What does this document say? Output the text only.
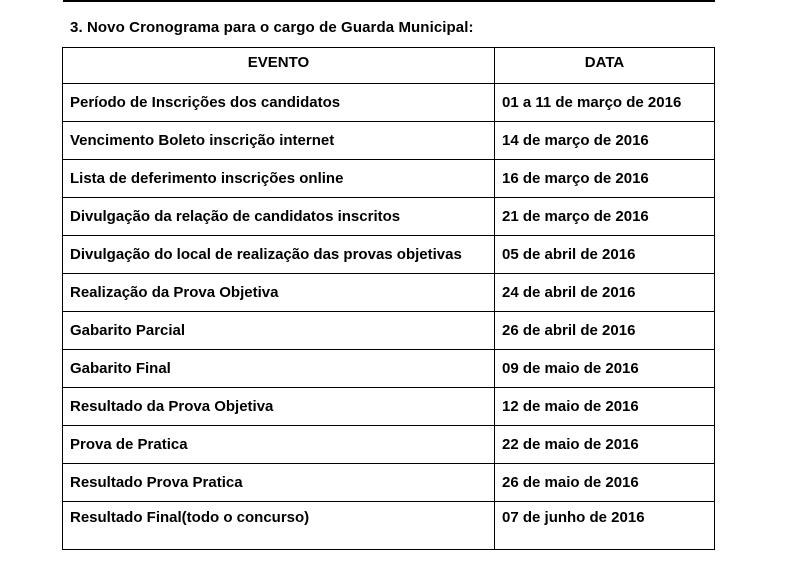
3. Novo Cronograma para o cargo de Guarda Municipal:
EVENTO	DATA
Período de Inscrições dos candidatos	01 a 11 de março de 2016
Vencimento Boleto inscrição internet	14 de março de 2016
Lista de deferimento inscrições online	16 de março de 2016
Divulgação da relação de candidatos inscritos	21 de março de 2016
Divulgação do local de realização das provas objetivas	05 de abril de 2016
Realização da Prova Objetiva	24 de abril de 2016
Gabarito Parcial	26 de abril de 2016
Gabarito Final	09 de maio de 2016
Resultado da Prova Objetiva	12 de maio de 2016
Prova de Pratica	22 de maio de 2016
Resultado Prova Pratica	26 de maio de 2016
Resultado Final(todo o concurso)	07 de junho de 2016
